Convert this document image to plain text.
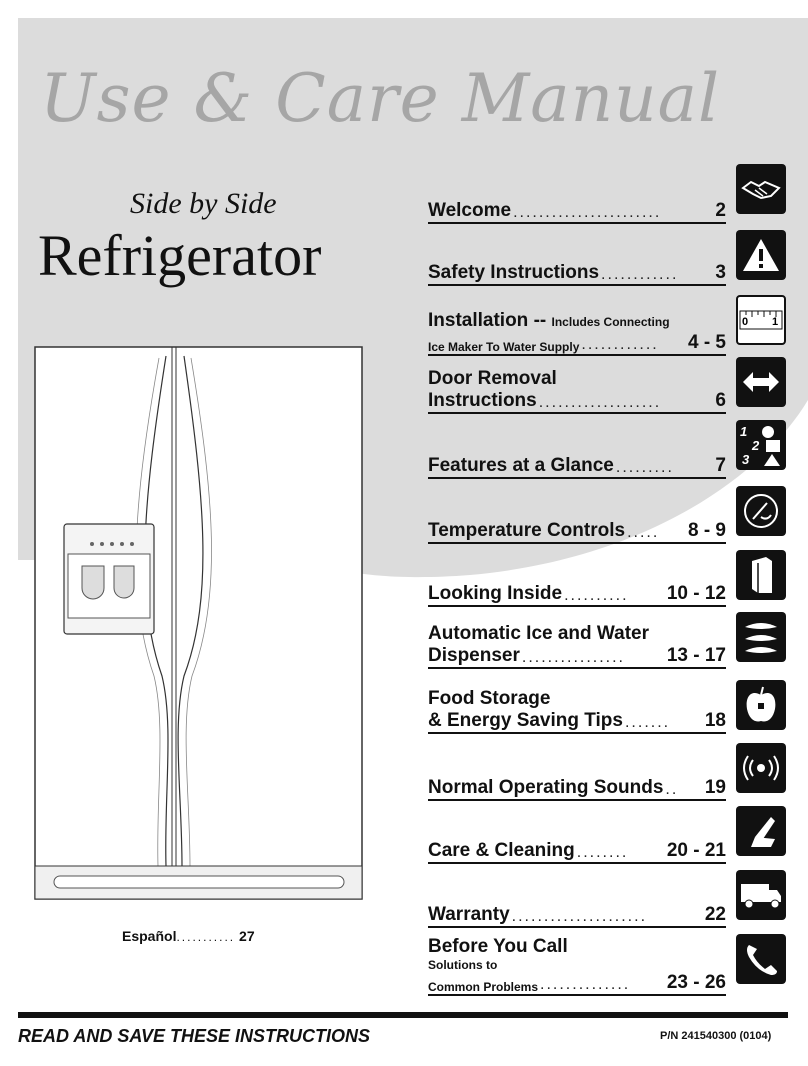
Use & Care Manual
Side by Side
Refrigerator
Welcome .......................	2
Safety Instructions ............	3
Installation -- Includes Connecting
Ice Maker To Water Supply ............	4 - 5
Door Removal
Instructions ...................	6
Features at a Glance .........	7
Temperature Controls .....	8 - 9
Looking Inside ..........	10 - 12
Automatic Ice and Water
Dispenser ................	13 - 17
Food Storage
& Energy Saving Tips .......	18
Normal Operating Sounds ..	19
Care & Cleaning ........	20 - 21
Warranty .....................	22
Before You Call
Solutions to
Common Problems ..............	23 - 26
0 1
1
2
3
Español........... 27
READ AND SAVE THESE INSTRUCTIONS	P/N 241540300 (0104)
